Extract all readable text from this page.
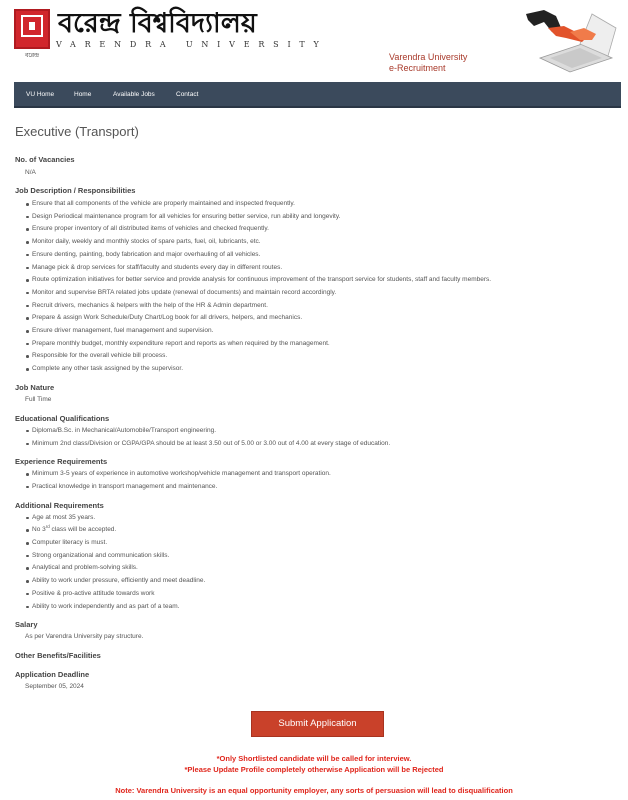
বরেন্দ্র
বরেন্দ্র বিশ্ববিদ্যালয়
VARENDRA UNIVERSITY
Varendra University
e-Recruitment
VU Home	Home	Available Jobs	Contact
Executive (Transport)
No. of Vacancies
N/A
Job Description / Responsibilities
Ensure that all components of the vehicle are properly maintained and inspected frequently.
Design Periodical maintenance program for all vehicles for ensuring better service, run ability and longevity.
Ensure proper inventory of all distributed items of vehicles and checked frequently.
Monitor daily, weekly and monthly stocks of spare parts, fuel, oil, lubricants, etc.
Ensure denting, painting, body fabrication and major overhauling of all vehicles.
Manage pick & drop services for staff/faculty and students every day in different routes.
Route optimization initiatives for better service and provide analysis for continuous improvement of the transport service for students, staff and faculty members.
Monitor and supervise BRTA related jobs update (renewal of documents) and maintain record accordingly.
Recruit drivers, mechanics & helpers with the help of the HR & Admin department.
Prepare & assign Work Schedule/Duty Chart/Log book for all drivers, helpers, and mechanics.
Ensure driver management, fuel management and supervision.
Prepare monthly budget, monthly expenditure report and reports as when required by the management.
Responsible for the overall vehicle bill process.
Complete any other task assigned by the supervisor.
Job Nature
Full Time
Educational Qualifications
Diploma/B.Sc. in Mechanical/Automobile/Transport engineering.
Minimum 2nd class/Division or CGPA/GPA should be at least 3.50 out of 5.00 or 3.00 out of 4.00 at every stage of education.
Experience Requirements
Minimum 3-5 years of experience in automotive workshop/vehicle management and transport operation.
Practical knowledge in transport management and maintenance.
Additional Requirements
Age at most 35 years.
No 3rd class will be accepted.
Computer literacy is must.
Strong organizational and communication skills.
Analytical and problem-solving skills.
Ability to work under pressure, efficiently and meet deadline.
Positive & pro-active attitude towards work
Ability to work independently and as part of a team.
Salary
As per Varendra University pay structure.
Other Benefits/Facilities
Application Deadline
September 05, 2024
Submit Application
*Only Shortlisted candidate will be called for interview.
*Please Update Profile completely otherwise Application will be Rejected
Note: Varendra University is an equal opportunity employer, any sorts of persuasion will lead to disqualification
